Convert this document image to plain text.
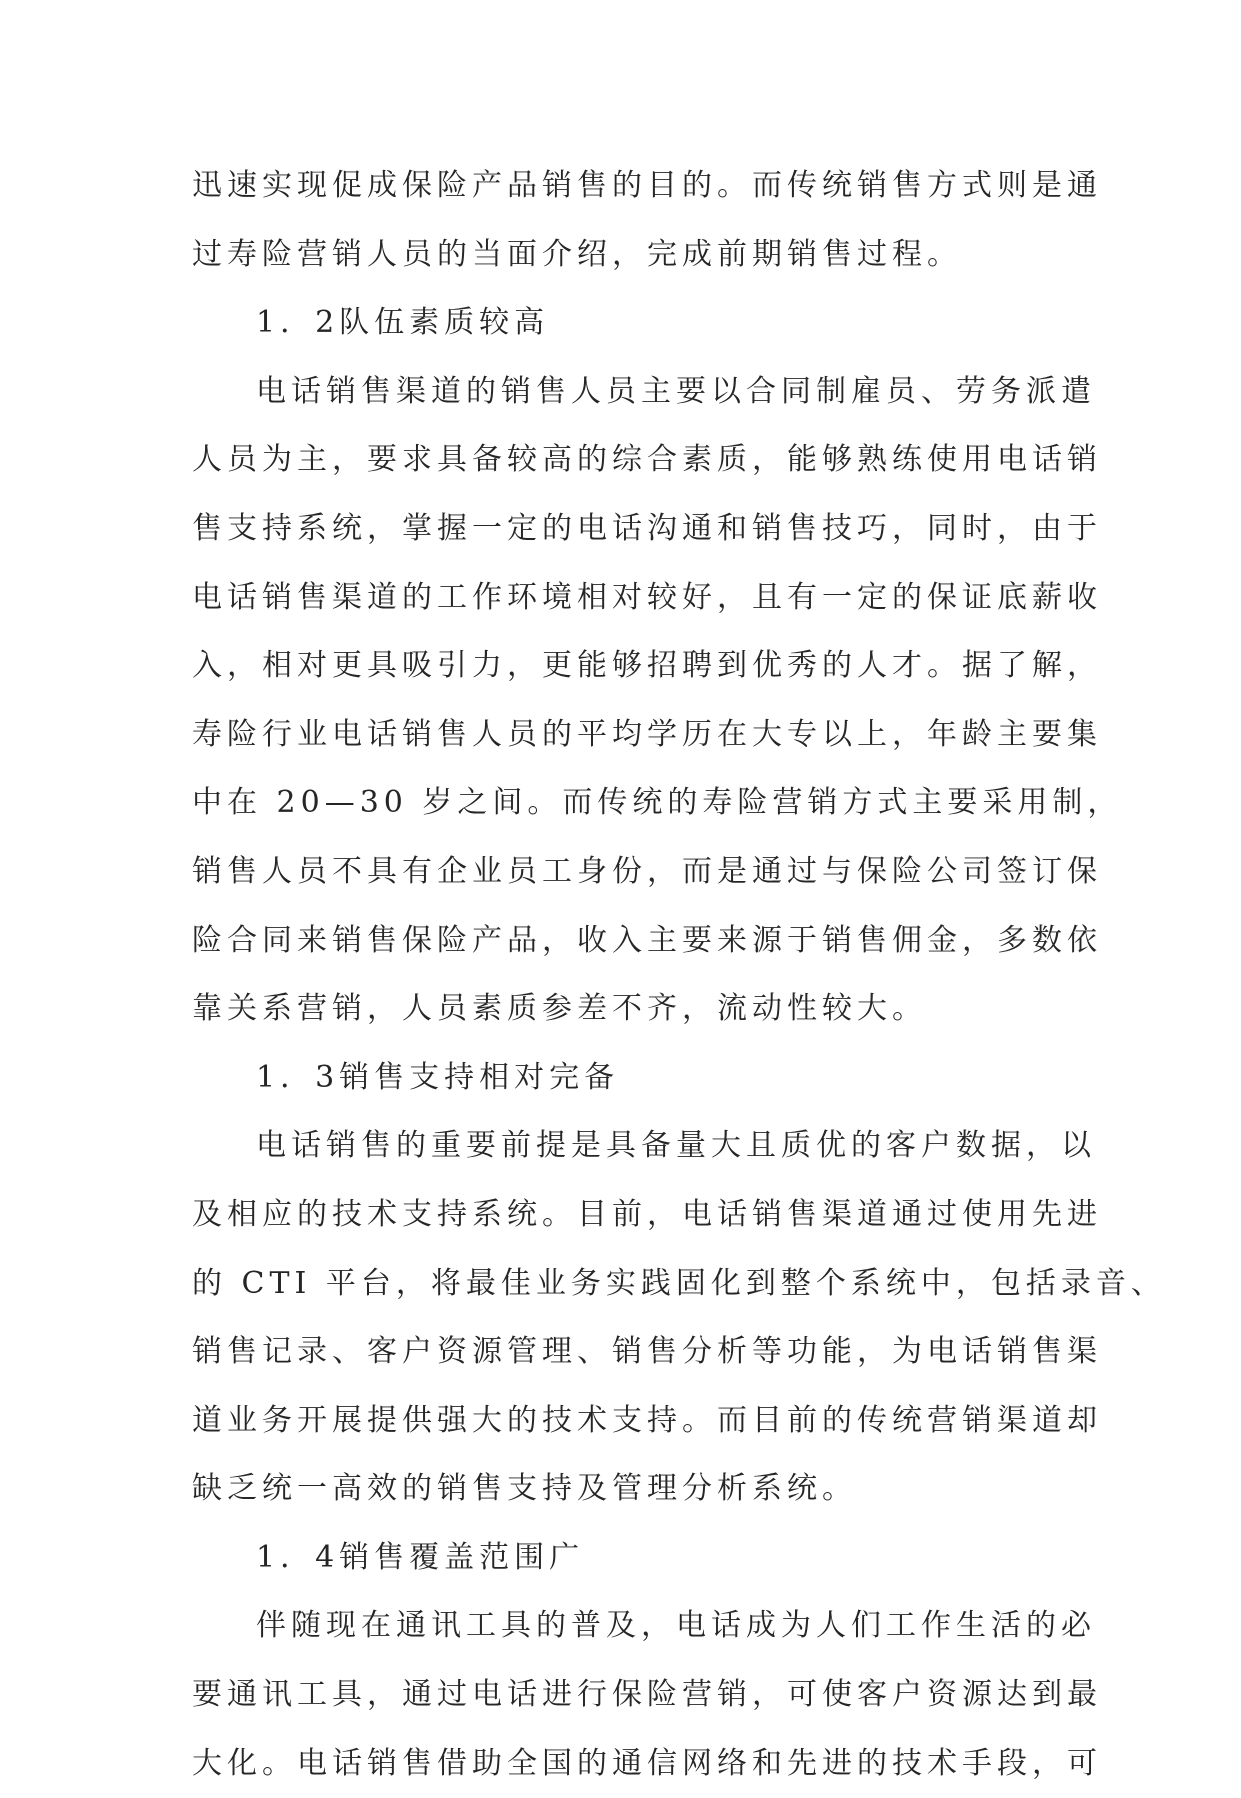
迅速实现促成保险产品销售的目的。而传统销售方式则是通
过寿险营销人员的当面介绍，完成前期销售过程。
1．2队伍素质较高
电话销售渠道的销售人员主要以合同制雇员、劳务派遣
人员为主，要求具备较高的综合素质，能够熟练使用电话销
售支持系统，掌握一定的电话沟通和销售技巧，同时，由于
电话销售渠道的工作环境相对较好，且有一定的保证底薪收
入，相对更具吸引力，更能够招聘到优秀的人才。据了解，
寿险行业电话销售人员的平均学历在大专以上，年龄主要集
中在 20—30 岁之间。而传统的寿险营销方式主要采用制，
销售人员不具有企业员工身份，而是通过与保险公司签订保
险合同来销售保险产品，收入主要来源于销售佣金，多数依
靠关系营销，人员素质参差不齐，流动性较大。
1．3销售支持相对完备
电话销售的重要前提是具备量大且质优的客户数据，以
及相应的技术支持系统。目前，电话销售渠道通过使用先进
的 CTI 平台，将最佳业务实践固化到整个系统中，包括录音、
销售记录、客户资源管理、销售分析等功能，为电话销售渠
道业务开展提供强大的技术支持。而目前的传统营销渠道却
缺乏统一高效的销售支持及管理分析系统。
1．4销售覆盖范围广
伴随现在通讯工具的普及，电话成为人们工作生活的必
要通讯工具，通过电话进行保险营销，可使客户资源达到最
大化。电话销售借助全国的通信网络和先进的技术手段，可
